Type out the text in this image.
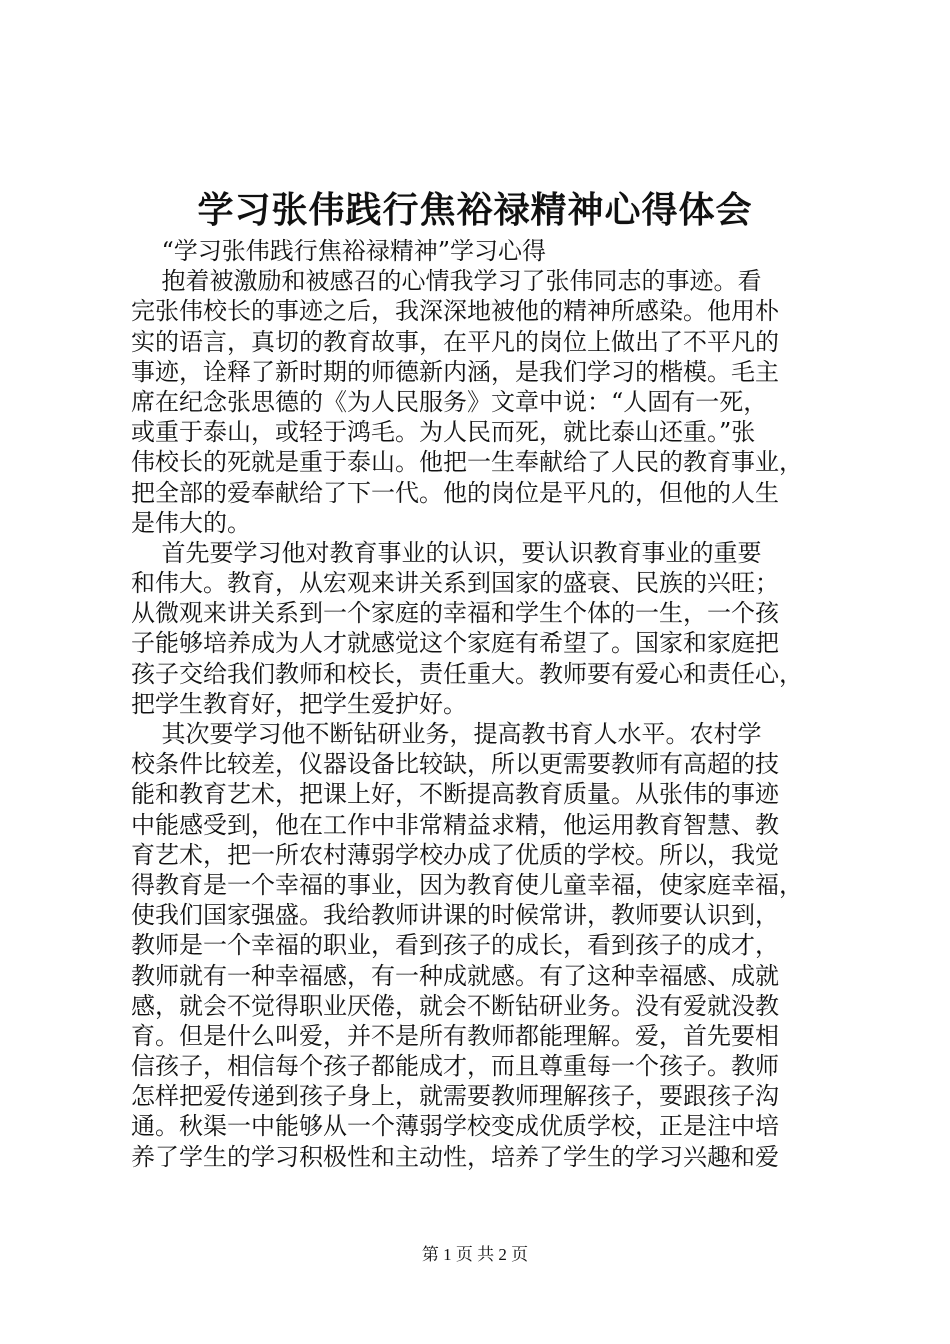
学习张伟践行焦裕禄精神心得体会
“学习张伟践行焦裕禄精神”学习心得
抱着被激励和被感召的心情我学习了张伟同志的事迹。看
完张伟校长的事迹之后，我深深地被他的精神所感染。他用朴
实的语言，真切的教育故事，在平凡的岗位上做出了不平凡的
事迹，诠释了新时期的师德新内涵，是我们学习的楷模。毛主
席在纪念张思德的《为人民服务》文章中说：“人固有一死，
或重于泰山，或轻于鸿毛。为人民而死，就比泰山还重。”张
伟校长的死就是重于泰山。他把一生奉献给了人民的教育事业，
把全部的爱奉献给了下一代。他的岗位是平凡的，但他的人生
是伟大的。
首先要学习他对教育事业的认识，要认识教育事业的重要
和伟大。教育，从宏观来讲关系到国家的盛衰、民族的兴旺；
从微观来讲关系到一个家庭的幸福和学生个体的一生，一个孩
子能够培养成为人才就感觉这个家庭有希望了。国家和家庭把
孩子交给我们教师和校长，责任重大。教师要有爱心和责任心，
把学生教育好，把学生爱护好。
其次要学习他不断钻研业务，提高教书育人水平。农村学
校条件比较差，仪器设备比较缺，所以更需要教师有高超的技
能和教育艺术，把课上好，不断提高教育质量。从张伟的事迹
中能感受到，他在工作中非常精益求精，他运用教育智慧、教
育艺术，把一所农村薄弱学校办成了优质的学校。所以，我觉
得教育是一个幸福的事业，因为教育使儿童幸福，使家庭幸福，
使我们国家强盛。我给教师讲课的时候常讲，教师要认识到，
教师是一个幸福的职业，看到孩子的成长，看到孩子的成才，
教师就有一种幸福感，有一种成就感。有了这种幸福感、成就
感，就会不觉得职业厌倦，就会不断钻研业务。没有爱就没教
育。但是什么叫爱，并不是所有教师都能理解。爱，首先要相
信孩子，相信每个孩子都能成才，而且尊重每一个孩子。教师
怎样把爱传递到孩子身上，就需要教师理解孩子，要跟孩子沟
通。秋渠一中能够从一个薄弱学校变成优质学校，正是注中培
养了学生的学习积极性和主动性，培养了学生的学习兴趣和爱
第 1 页 共 2 页
